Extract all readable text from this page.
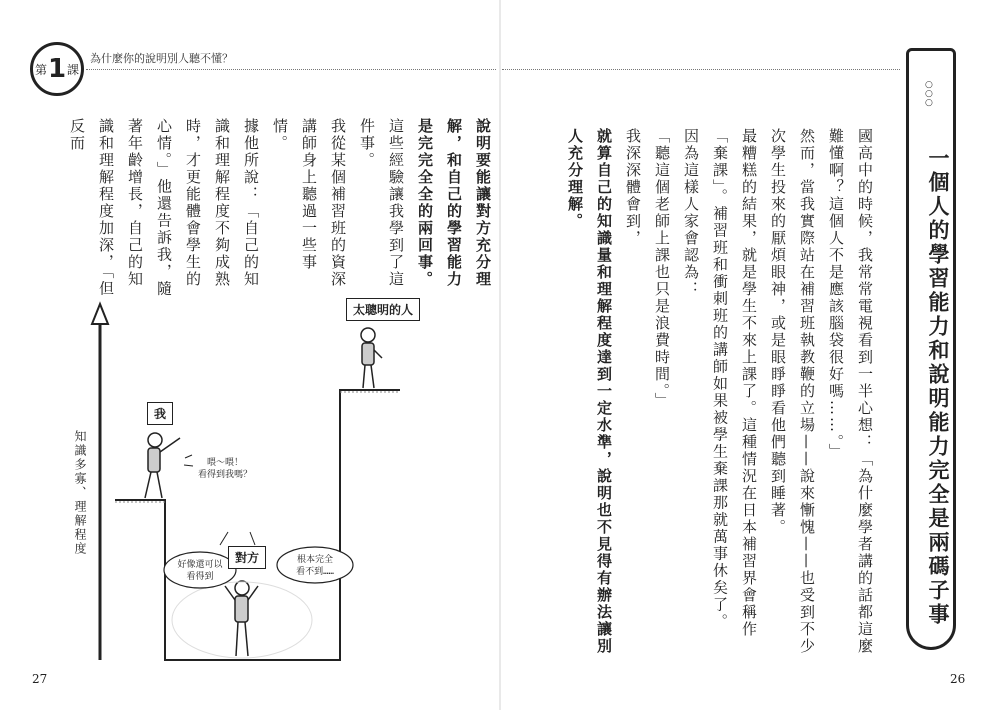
第 1 課
為什麼你的說明別人聽不懂？

說明要能讓對方充分理解，和自己的學習能力是完完全全的兩回事。

這些經驗讓我學到了這件事。

我從某個補習班的資深講師身上聽過一些事情。

據他所說：「自己的知識和理解程度不夠成熟時，才更能體會學生的心情。」他還告訴我，隨著年齡增長，自己的知識和理解程度加深，「但反而

太聰明的人
我
對方
喂～喂！
看得到我嗎？
好像還可以
看得到
根本完全
看不到……
知識多寡、理解程度
27

國高中的時候，我常常電視看到一半心想：「為什麼學者講的話都這麼難懂啊？這個人不是應該腦袋很好嗎……。」

然而，當我實際站在補習班執教鞭的立場——說來慚愧——也受到不少次學生投來的厭煩眼神，或是眼睜睜看他們聽到睡著。

最糟糕的結果，就是學生不來上課了。這種情況在日本補習界會稱作「棄課」。補習班和衝刺班的講師如果被學生棄課那就萬事休矣了。

因為這樣人家會認為：

「聽這個老師上課也只是浪費時間。」

我深深體會到，

就算自己的知識量和理解程度達到一定水準，說明也不見得有辦法讓別人充分理解。

○
○
○
一個人的學習能力和說明能力完全是兩碼子事
26
